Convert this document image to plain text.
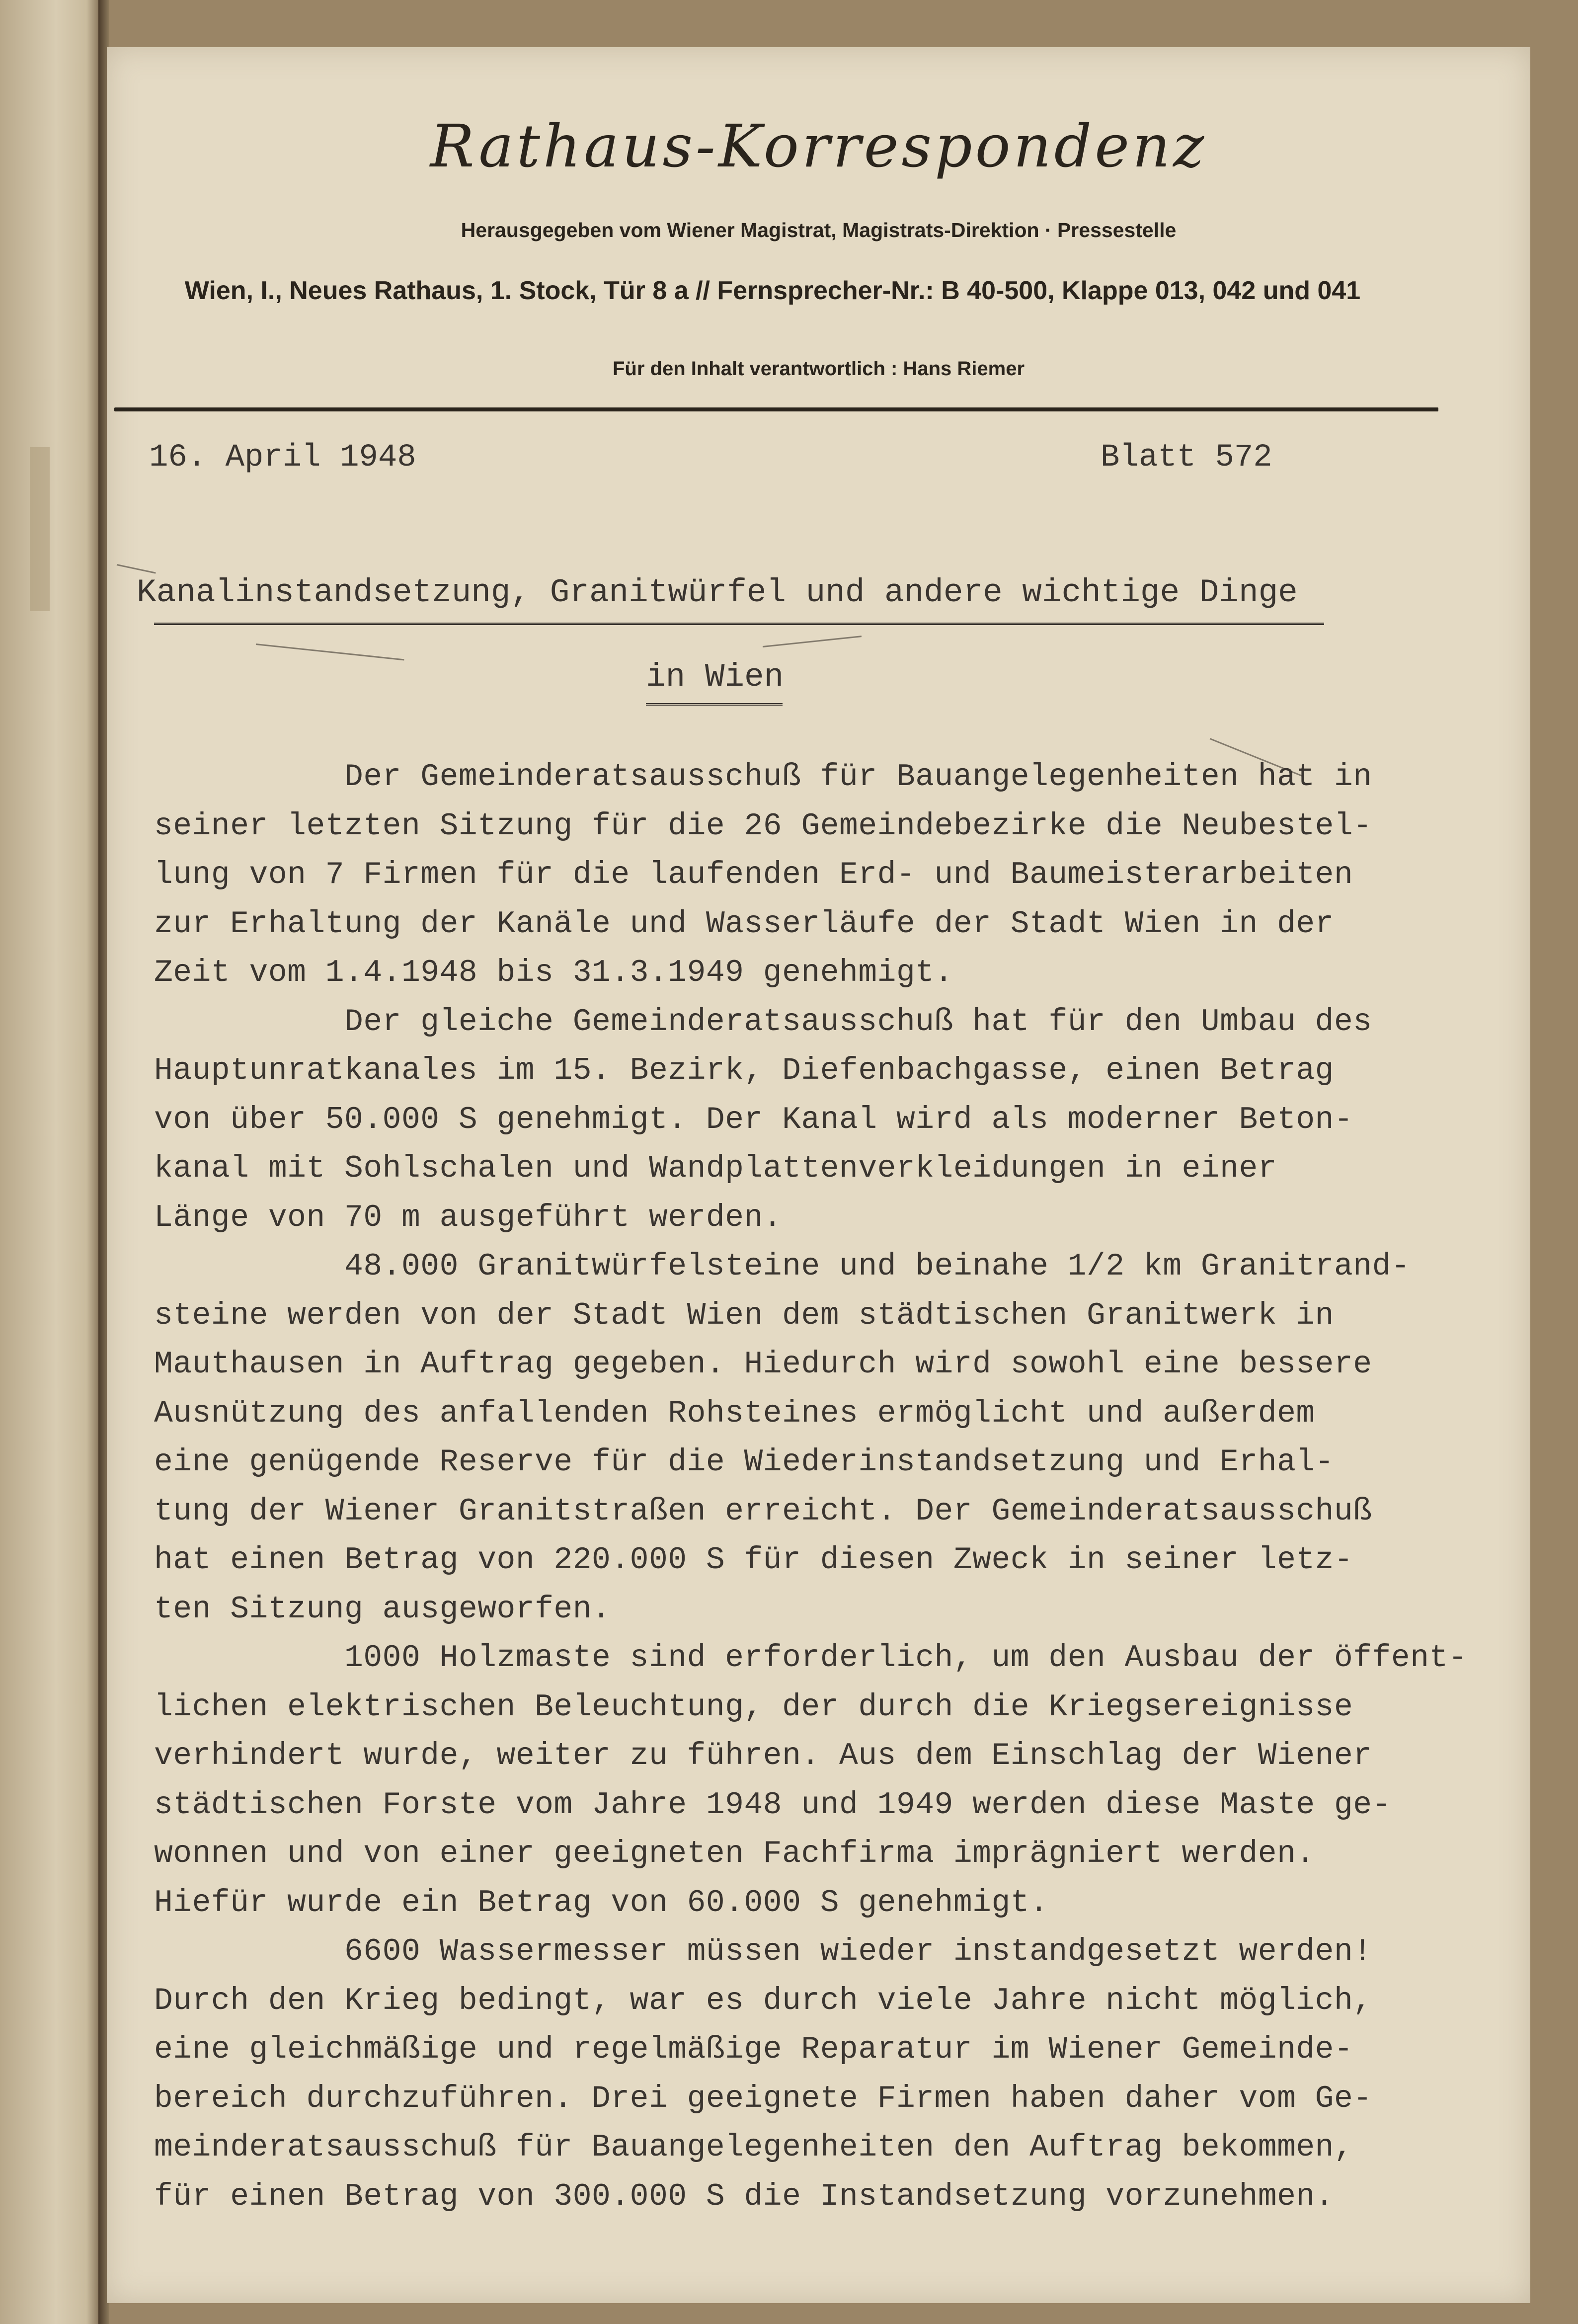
Rathaus-Korrespondenz
Herausgegeben vom Wiener Magistrat, Magistrats-Direktion · Pressestelle
Wien, I., Neues Rathaus, 1. Stock, Tür 8 a // Fernsprecher-Nr.: B 40-500, Klappe 013, 042 und 041
Für den Inhalt verantwortlich : Hans Riemer
16. April 1948	Blatt 572
Kanalinstandsetzung, Granitwürfel und andere wichtige Dinge
in Wien
Der Gemeinderatsausschuß für Bauangelegenheiten hat in
seiner letzten Sitzung für die 26 Gemeindebezirke die Neubestel-
lung von 7 Firmen für die laufenden Erd- und Baumeisterarbeiten
zur Erhaltung der Kanäle und Wasserläufe der Stadt Wien in der
Zeit vom 1.4.1948 bis 31.3.1949 genehmigt.
Der gleiche Gemeinderatsausschuß hat für den Umbau des
Hauptunratkanales im 15. Bezirk, Diefenbachgasse, einen Betrag
von über 50.000 S genehmigt. Der Kanal wird als moderner Beton-
kanal mit Sohlschalen und Wandplattenverkleidungen in einer
Länge von 70 m ausgeführt werden.
48.000 Granitwürfelsteine und beinahe 1/2 km Granitrand-
steine werden von der Stadt Wien dem städtischen Granitwerk in
Mauthausen in Auftrag gegeben. Hiedurch wird sowohl eine bessere
Ausnützung des anfallenden Rohsteines ermöglicht und außerdem
eine genügende Reserve für die Wiederinstandsetzung und Erhal-
tung der Wiener Granitstraßen erreicht. Der Gemeinderatsausschuß
hat einen Betrag von 220.000 S für diesen Zweck in seiner letz-
ten Sitzung ausgeworfen.
1000 Holzmaste sind erforderlich, um den Ausbau der öffent-
lichen elektrischen Beleuchtung, der durch die Kriegsereignisse
verhindert wurde, weiter zu führen. Aus dem Einschlag der Wiener
städtischen Forste vom Jahre 1948 und 1949 werden diese Maste ge-
wonnen und von einer geeigneten Fachfirma imprägniert werden.
Hiefür wurde ein Betrag von 60.000 S genehmigt.
6600 Wassermesser müssen wieder instandgesetzt werden!
Durch den Krieg bedingt, war es durch viele Jahre nicht möglich,
eine gleichmäßige und regelmäßige Reparatur im Wiener Gemeinde-
bereich durchzuführen. Drei geeignete Firmen haben daher vom Ge-
meinderatsausschuß für Bauangelegenheiten den Auftrag bekommen,
für einen Betrag von 300.000 S die Instandsetzung vorzunehmen.
